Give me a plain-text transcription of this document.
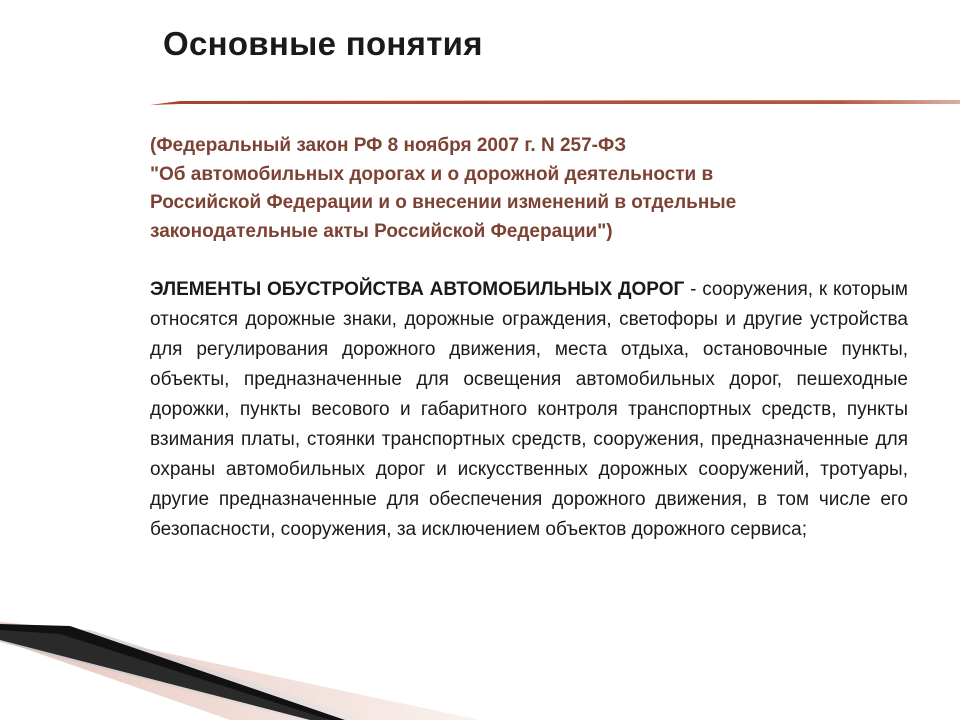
Основные понятия
(Федеральный закон РФ 8 ноября 2007 г. N 257-ФЗ
"Об автомобильных дорогах и о дорожной деятельности в
Российской Федерации и о внесении изменений в отдельные
законодательные акты Российской Федерации")
ЭЛЕМЕНТЫ ОБУСТРОЙСТВА АВТОМОБИЛЬНЫХ ДОРОГ - сооружения, к которым относятся дорожные знаки, дорожные ограждения, светофоры и другие устройства для регулирования дорожного движения, места отдыха, остановочные пункты, объекты, предназначенные для освещения автомобильных дорог, пешеходные дорожки, пункты весового и габаритного контроля транспортных средств, пункты взимания платы, стоянки транспортных средств, сооружения, предназначенные для охраны автомобильных дорог и искусственных дорожных сооружений, тротуары, другие предназначенные для обеспечения дорожного движения, в том числе его безопасности, сооружения, за исключением объектов дорожного сервиса;
